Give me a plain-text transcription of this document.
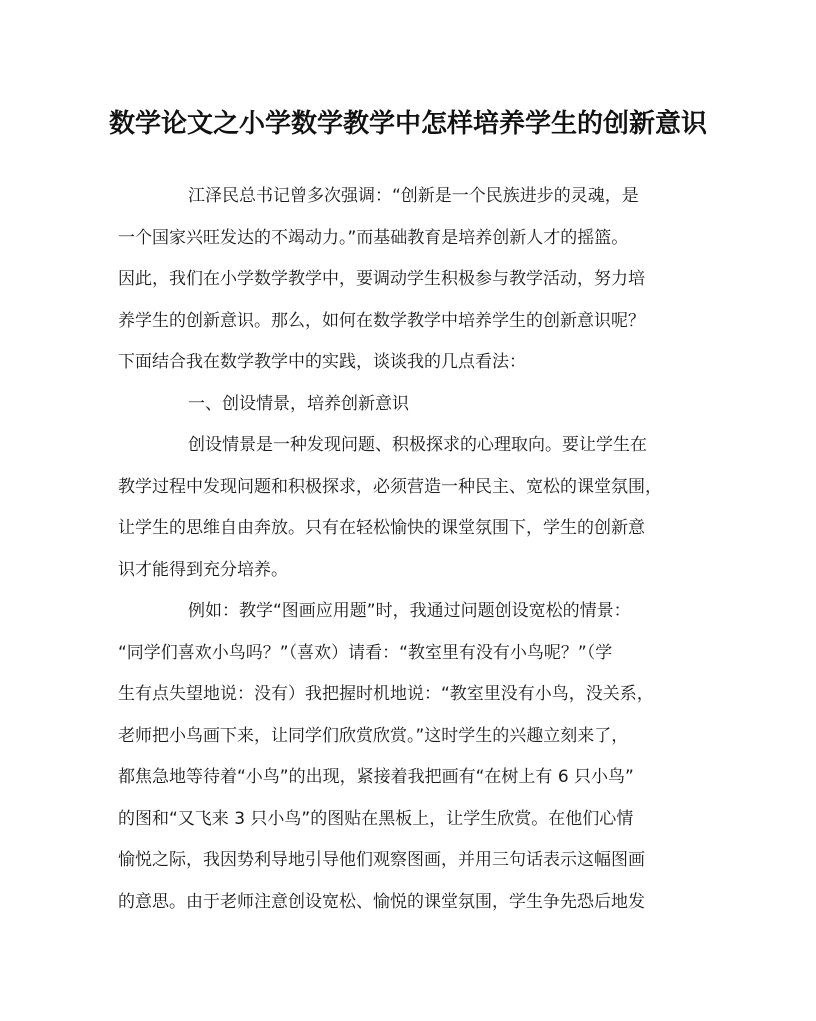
数学论文之小学数学教学中怎样培养学生的创新意识
江泽民总书记曾多次强调：“创新是一个民族进步的灵魂，是
一个国家兴旺发达的不竭动力。”而基础教育是培养创新人才的摇篮。
因此，我们在小学数学教学中，要调动学生积极参与教学活动，努力培
养学生的创新意识。那么，如何在数学教学中培养学生的创新意识呢？
下面结合我在数学教学中的实践，谈谈我的几点看法：
一、创设情景，培养创新意识
创设情景是一种发现问题、积极探求的心理取向。要让学生在
教学过程中发现问题和积极探求，必须营造一种民主、宽松的课堂氛围，
让学生的思维自由奔放。只有在轻松愉快的课堂氛围下，学生的创新意
识才能得到充分培养。
例如：教学“图画应用题”时，我通过问题创设宽松的情景：
“同学们喜欢小鸟吗？”（喜欢）请看：“教室里有没有小鸟呢？”（学
生有点失望地说：没有）我把握时机地说：“教室里没有小鸟，没关系，
老师把小鸟画下来，让同学们欣赏欣赏。”这时学生的兴趣立刻来了，
都焦急地等待着“小鸟”的出现，紧接着我把画有“在树上有 6 只小鸟”
的图和“又飞来 3 只小鸟”的图贴在黑板上，让学生欣赏。在他们心情
愉悦之际，我因势利导地引导他们观察图画，并用三句话表示这幅图画
的意思。由于老师注意创设宽松、愉悦的课堂氛围，学生争先恐后地发
